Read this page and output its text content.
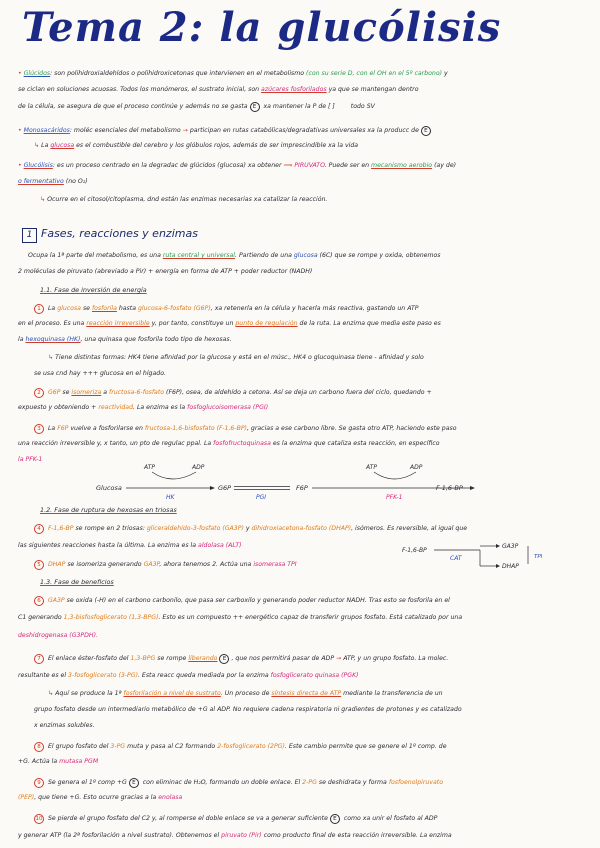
Tema 2: la glucólisis
• Glúcidos: son polihidroxialdehídos o polihidroxicetonas que intervienen en el metabolismo (con su serie D, con el OH en el 5º carbono) y
se ciclan en soluciones acuosas. Todos los monómeros, el sustrato inicial, son azúcares fosforilados ya que se mantengan dentro
de la célula, se asegura de que el proceso continúe y además no se gasta E xa mantener la P de [ ]	todo SV
• Monosacáridos: moléc esenciales del metabolismo → participan en rutas catabólicas/degradativas universales xa la producc de E
↳ La glucosa es el combustible del cerebro y los glóbulos rojos, además de ser imprescindible xa la vida
• Glucólisis: es un proceso centrado en la degradac de glúcidos (glucosa) xa obtener ⟹ PIRUVATO. Puede ser en mecanismo aerobio (ay de)
o fermentativo (no O₂)
↳ Ocurre en el citosol/citoplasma, dnd están las enzimas necesarias xa catalizar la reacción.
1 Fases, reacciones y enzimas
Ocupa la 1ª parte del metabolismo, es una ruta central y universal. Partiendo de una glucosa (6C) que se rompe y oxida, obtenemos
2 moléculas de piruvato (abreviado a Pir) + energía en forma de ATP + poder reductor (NADH)
1.1. Fase de inversión de energía
1 La glucosa se fosforila hasta glucosa-6-fosfato (G6P), xa retenerla en la célula y hacerla más reactiva, gastando un ATP
en el proceso. Es una reacción irreversible y, por tanto, constituye un punto de regulación de la ruta. La enzima que media este paso es
la hexoquinasa (HK), una quinasa que fosforila todo tipo de hexosas.
↳ Tiene distintas formas: HK4 tiene afinidad por la glucosa y está en el músc., HK4 o glucoquinasa tiene - afinidad y solo
se usa cnd hay +++ glucosa en el hígado.
2 G6P se isomeriza a fructosa-6-fosfato (F6P), osea, de aldehído a cetona. Así se deja un carbono fuera del ciclo, quedando +
expuesto y obteniendo + reactividad. La enzima es la fosfoglucoisomerasa (PGI)
3 La F6P vuelve a fosforilarse en fructosa-1,6-bisfosfato (F-1,6-BP), gracias a ese carbono libre. Se gasta otro ATP, haciendo este paso
una reacción irreversible y, x tanto, un pto de regulac ppal. La fosfofructoquinasa es la enzima que cataliza esta reacción, en específico
la PFK-1
ATP	ADP	ATP	ADP
Glucosa	G6P	F6P	F-1,6-BP
HK	PGI	PFK-1
1.2. Fase de ruptura de hexosas en triosas
4 F-1,6-BP se rompe en 2 triosas: gliceraldehído-3-fosfato (GA3P) y dihidroxiacetona-fosfato (DHAP), isómeros. Es reversible, al igual que
las siguientes reacciones hasta la última. La enzima es la aldolasa (ALT)
5 DHAP se isomeriza generando GA3P, ahora tenemos 2. Actúa una isomerasa TPI
F-1,6-BP
CAT
GA3P
DHAP
TPI
1.3. Fase de beneficios
6 GA3P se oxida (-H) en el carbono carbonilo, que pasa ser carboxilo y generando poder reductor NADH. Tras esto se fosforila en el
C1 generando 1,3-bisfosfoglicerato (1,3-BPG). Esto es un compuesto ++ energético capaz de transferir grupos fosfato. Está catalizado por una
deshidrogenasa (G3PDH).
7 El enlace éster-fosfato del 1,3-BPG se rompe liberando E , que nos permitirá pasar de ADP → ATP, y un grupo fosfato. La molec.
resultante es el 3-fosfoglicerato (3-PG). Esta reacc queda mediada por la enzima fosfoglicerato quinasa (PGK)
↳ Aquí se produce la 1ª fosforilación a nivel de sustrato. Un proceso de síntesis directa de ATP mediante la transferencia de un
grupo fosfato desde un intermediario metabólico de +G al ADP. No requiere cadena respiratoria ni gradientes de protones y es catalizado
x enzimas solubles.
8 El grupo fosfato del 3-PG muta y pasa al C2 formando 2-fosfoglicerato (2PG). Este cambio permite que se genere el 1º comp. de
+G. Actúa la mutasa PGM
9 Se genera el 1º comp +G E con eliminac de H₂O, formando un doble enlace. El 2-PG se deshidrata y forma fosfoenolpiruvato
(PEP), que tiene +G. Esto ocurre gracias a la enolasa
10 Se pierde el grupo fosfato del C2 y, al romperse el doble enlace se va a generar suficiente E como xa unir el fosfato al ADP
y generar ATP (la 2ª fosforilación a nivel sustrato). Obtenemos el piruvato (Pir) como producto final de esta reacción irreversible. La enzima
